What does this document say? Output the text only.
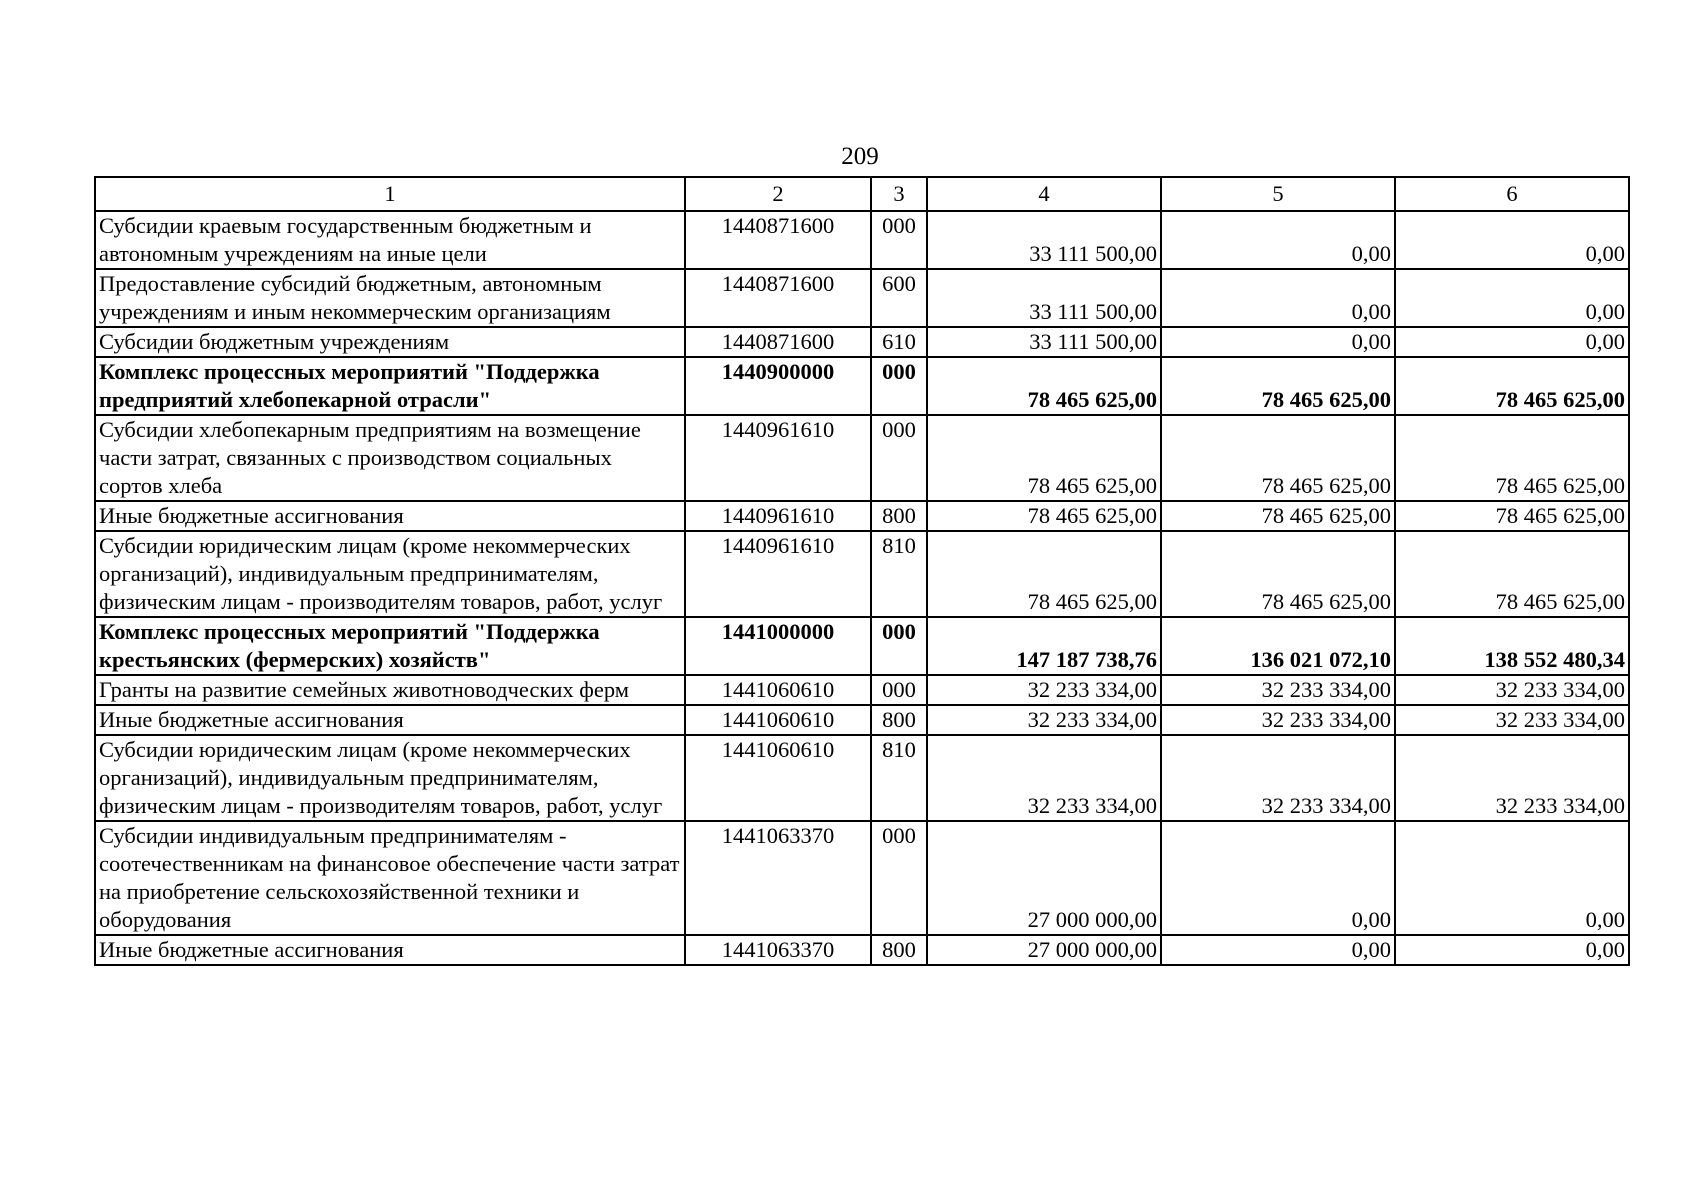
209
1	2	3	4	5	6
Субсидии краевым государственным бюджетным и автономным учреждениям на иные цели	1440871600	000	33 111 500,00	0,00	0,00
Предоставление субсидий бюджетным, автономным учреждениям и иным некоммерческим организациям	1440871600	600	33 111 500,00	0,00	0,00
Субсидии бюджетным учреждениям	1440871600	610	33 111 500,00	0,00	0,00
Комплекс процессных мероприятий "Поддержка предприятий хлебопекарной отрасли"	1440900000	000	78 465 625,00	78 465 625,00	78 465 625,00
Субсидии хлебопекарным предприятиям на возмещение части затрат, связанных с производством социальных сортов хлеба	1440961610	000	78 465 625,00	78 465 625,00	78 465 625,00
Иные бюджетные ассигнования	1440961610	800	78 465 625,00	78 465 625,00	78 465 625,00
Субсидии юридическим лицам (кроме некоммерческих организаций), индивидуальным предпринимателям, физическим лицам - производителям товаров, работ, услуг	1440961610	810	78 465 625,00	78 465 625,00	78 465 625,00
Комплекс процессных мероприятий "Поддержка крестьянских (фермерских) хозяйств"	1441000000	000	147 187 738,76	136 021 072,10	138 552 480,34
Гранты на развитие семейных животноводческих ферм	1441060610	000	32 233 334,00	32 233 334,00	32 233 334,00
Иные бюджетные ассигнования	1441060610	800	32 233 334,00	32 233 334,00	32 233 334,00
Субсидии юридическим лицам (кроме некоммерческих организаций), индивидуальным предпринимателям, физическим лицам - производителям товаров, работ, услуг	1441060610	810	32 233 334,00	32 233 334,00	32 233 334,00
Субсидии индивидуальным предпринимателям - соотечественникам на финансовое обеспечение части затрат на приобретение сельскохозяйственной техники и оборудования	1441063370	000	27 000 000,00	0,00	0,00
Иные бюджетные ассигнования	1441063370	800	27 000 000,00	0,00	0,00
